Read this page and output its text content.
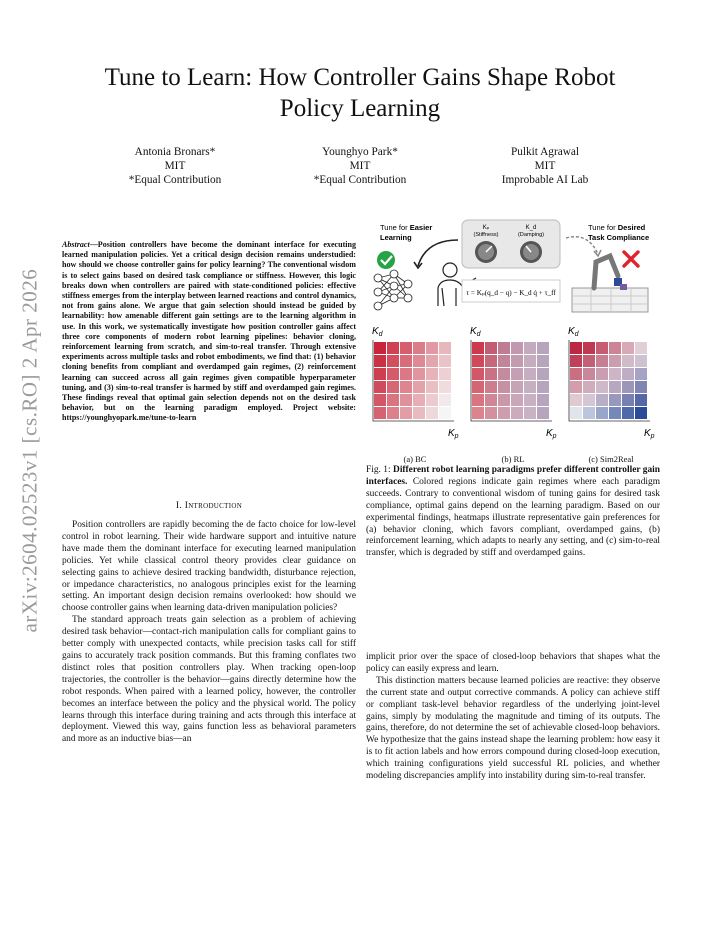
arXiv:2604.02523v1 [cs.RO] 2 Apr 2026
Tune to Learn: How Controller Gains Shape Robot Policy Learning
Antonia Bronars*
MIT
*Equal Contribution
Younghyo Park*
MIT
*Equal Contribution
Pulkit Agrawal
MIT
Improbable AI Lab
Abstract—Position controllers have become the dominant interface for executing learned manipulation policies. Yet a critical design decision remains understudied: how should we choose controller gains for policy learning? The conventional wisdom is to select gains based on desired task compliance or stiffness. However, this logic breaks down when controllers are paired with state-conditioned policies: effective stiffness emerges from the interplay between learned reactions and control dynamics, not from gains alone. We argue that gain selection should instead be guided by learnability: how amenable different gain settings are to the learning algorithm in use. In this work, we systematically investigate how position controller gains affect three core components of modern robot learning pipelines: behavior cloning, reinforcement learning from scratch, and sim-to-real transfer. Through extensive experiments across multiple tasks and robot embodiments, we find that: (1) behavior cloning benefits from compliant and overdamped gain regimes, (2) reinforcement learning can succeed across all gain regimes given compatible hyperparameter tuning, and (3) sim-to-real transfer is harmed by stiff and overdamped gain regimes. These findings reveal that optimal gain selection depends not on the desired task behavior, but on the learning paradigm employed. Project website: https://younghyopark.me/tune-to-learn
I. Introduction

Position controllers are rapidly becoming the de facto choice for low-level control in robot learning. Their wide hardware support and intuitive nature have made them the dominant interface for executing learned manipulation policies. Yet while classical control theory provides clear guidance on selecting gains to achieve desired tracking bandwidth, disturbance rejection, or impedance characteristics, no analogous principles exist for the learning setting. An important design decision remains overlooked: how should we choose controller gains when learning data-driven manipulation policies?

The standard approach treats gain selection as a problem of achieving desired task behavior—contact-rich manipulation calls for compliant gains to better comply with unexpected contacts, while precision tasks call for stiff gains to accurately track position commands. But this framing conflates two distinct roles that position controllers play. When tracking open-loop trajectories, the controller is the behavior—gains directly determine how the robot responds. When paired with a learned policy, however, the controller becomes an interface between the policy and the physical world. The policy learns through this interface during training and acts through this interface at deployment. Viewed this way, gains function less as behavioral parameters and more as an inductive bias—an

Tune for Easier
Learning
Kₚ
(Stiffness)
K_d
(Damping)
τ = Kₚ(q_d − q) − K_d q̇ + τ_ff
Tune for Desired
Task Compliance
$K_d$
$K_p$
$K_d$
$K_p$
$K_d$
$K_p$
(a) BC	(b) RL	(c) Sim2Real
Fig. 1: Different robot learning paradigms prefer different controller gain interfaces. Colored regions indicate gain regimes where each paradigm succeeds. Contrary to conventional wisdom of tuning gains for desired task compliance, optimal gains depend on the learning paradigm. Based on our experimental findings, heatmaps illustrate representative gain preferences for (a) behavior cloning, which favors compliant, overdamped gains, (b) reinforcement learning, which adapts to nearly any setting, and (c) sim-to-real transfer, which is degraded by stiff and overdamped gains.

implicit prior over the space of closed-loop behaviors that shapes what the policy can easily express and learn.

This distinction matters because learned policies are reactive: they observe the current state and output corrective commands. A policy can achieve stiff or compliant task-level behavior regardless of the underlying joint-level gains, simply by modulating the magnitude and timing of its outputs. The gains, therefore, do not determine the set of achievable closed-loop behaviors. We hypothesize that the gains instead shape the learning problem: how easy it is to fit action labels and how errors compound during closed-loop execution, which training configurations yield successful RL policies, and whether modeling discrepancies amplify into instability during sim-to-real transfer.
